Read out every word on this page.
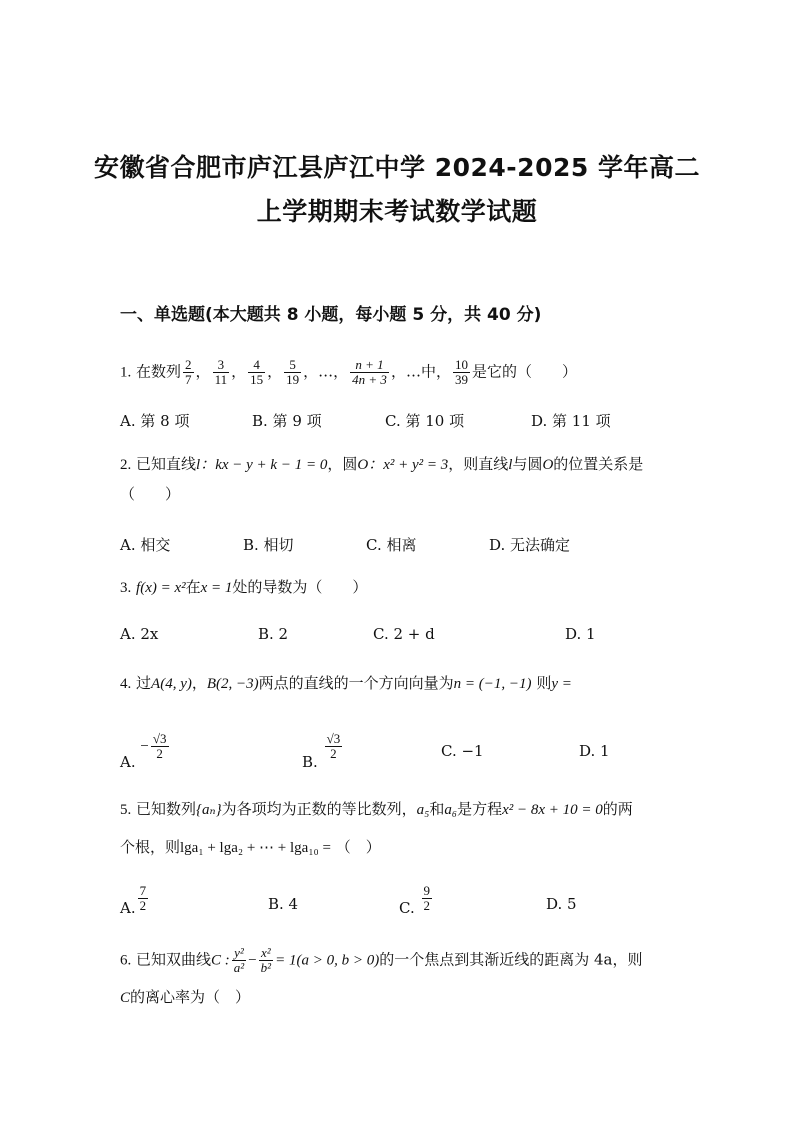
安徽省合肥市庐江县庐江中学 2024-2025 学年高二
上学期期末考试数学试题
一、单选题(本大题共 8 小题，每小题 5 分，共 40 分)
1. 在数列 $\frac{2}{7}$ ， $\frac{3}{11}$ ， $\frac{4}{15}$ ， $\frac{5}{19}$ ，…， $\frac{n + 1}{4n + 3}$ ，…中， $\frac{10}{39}$ 是它的（　　）
A. 第 8 项	B. 第 9 项	C. 第 10 项	D. 第 11 项
2. 已知直线l：kx − y + k − 1 = 0，圆O：x² + y² = 3，则直线l与圆O的位置关系是
（　　）
A. 相交	B. 相切	C. 相离	D. 无法确定
3. f(x) = x²在x = 1处的导数为（　　）
A. 2x	B. 2	C. 2 + d	D. 1
4. 过A(4, y)，B(2, −3)两点的直线的一个方向向量为n = (−1, −1) 则y =
A. − $\frac{√3}{2}$
B.
$\frac{√3}{2}$	C. −1	D. 1
5. 已知数列{aₙ}为各项均为正数的等比数列，a₅和a₆是方程x² − 8x + 10 = 0的两
个根，则lga₁ + lga₂ + ⋯ + lga₁₀ = （　）
A. $\frac{7}{2}$	B. 4	C. $\frac{9}{2}$	D. 5
6. 已知双曲线C : $\frac{\text{y²}}{\text{a²}} - \frac{\text{x²}}{\text{b²}} = 1(a > 0$, b > 0)的一个焦点到其渐近线的距离为 4a，则
C的离心率为（　）
